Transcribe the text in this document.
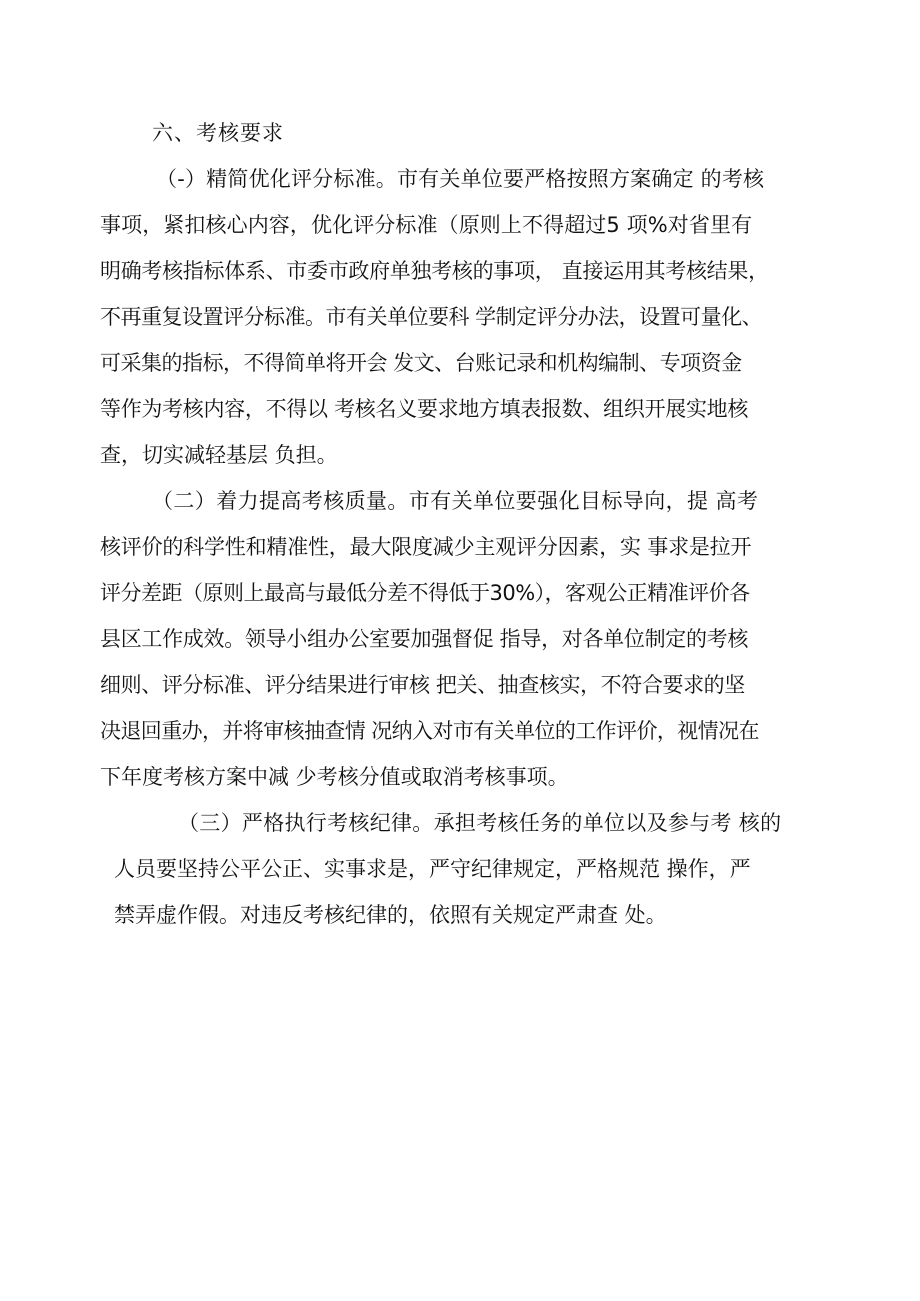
六、考核要求
（-）精简优化评分标准。市有关单位要严格按照方案确定 的考核
事项，紧扣核心内容，优化评分标准（原则上不得超过5 项%对省里有
明确考核指标体系、市委市政府单独考核的事项， 直接运用其考核结果，
不再重复设置评分标准。市有关单位要科 学制定评分办法，设置可量化、
可采集的指标，不得简单将开会 发文、台账记录和机构编制、专项资金
等作为考核内容，不得以 考核名义要求地方填表报数、组织开展实地核
查，切实减轻基层 负担。
（二）着力提高考核质量。市有关单位要强化目标导向，提 高考
核评价的科学性和精准性，最大限度减少主观评分因素，实 事求是拉开
评分差距（原则上最高与最低分差不得低于30%），客观公正精准评价各
县区工作成效。领导小组办公室要加强督促 指导，对各单位制定的考核
细则、评分标准、评分结果进行审核 把关、抽查核实，不符合要求的坚
决退回重办，并将审核抽查情 况纳入对市有关单位的工作评价，视情况在
下年度考核方案中减 少考核分值或取消考核事项。
（三）严格执行考核纪律。承担考核任务的单位以及参与考 核的
人员要坚持公平公正、实事求是，严守纪律规定，严格规范 操作，严
禁弄虚作假。对违反考核纪律的，依照有关规定严肃查 处。
